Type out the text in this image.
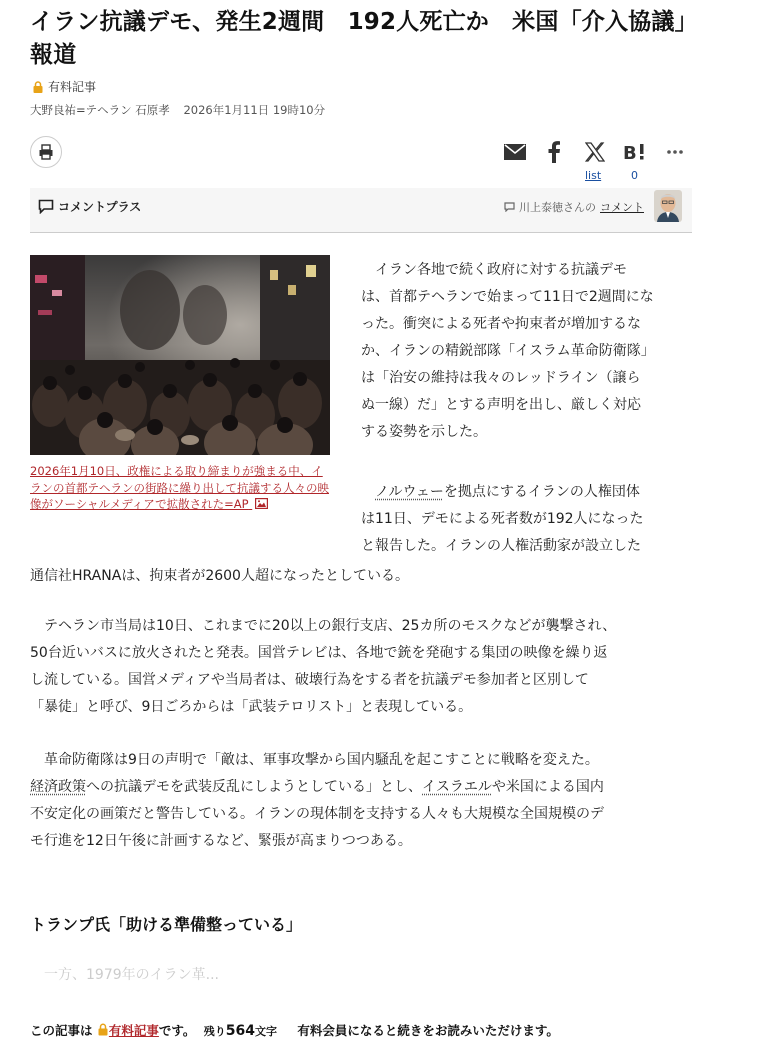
イラン抗議デモ、発生2週間　192人死亡か　米国「介入協議」報道
有料記事
大野良祐=テヘラン 石原孝 2026年1月11日 19時10分
B
list	0
コメントプラス	川上泰徳さんの コメント
2026年1月10日、政権による取り締まりが強まる中、イランの首都テヘランの街路に繰り出して抗議する人々の映像がソーシャルメディアで拡散された=AP
　イラン各地で続く政府に対する抗議デモ
は、首都テヘランで始まって11日で2週間にな
った。衝突による死者や拘束者が増加するな
か、イランの精鋭部隊「イスラム革命防衛隊」
は「治安の維持は我々のレッドライン（譲ら
ぬ一線）だ」とする声明を出し、厳しく対応
する姿勢を示した。
　ノルウェーを拠点にするイランの人権団体
は11日、デモによる死者数が192人になった
と報告した。イランの人権活動家が設立した
通信社HRANAは、拘束者が2600人超になったとしている。
　テヘラン市当局は10日、これまでに20以上の銀行支店、25カ所のモスクなどが襲撃され、
50台近いバスに放火されたと発表。国営テレビは、各地で銃を発砲する集団の映像を繰り返
し流している。国営メディアや当局者は、破壊行為をする者を抗議デモ参加者と区別して
「暴徒」と呼び、9日ごろからは「武装テロリスト」と表現している。
　革命防衛隊は9日の声明で「敵は、軍事攻撃から国内騒乱を起こすことに戦略を変えた。
経済政策への抗議デモを武装反乱にしようとしている」とし、イスラエルや米国による国内
不安定化の画策だと警告している。イランの現体制を支持する人々も大規模な全国規模のデ
モ行進を12日午後に計画するなど、緊張が高まりつつある。
トランプ氏「助ける準備整っている」
　一方、1979年のイラン革...
この記事は 有料記事です。 残り564文字 有料会員になると続きをお読みいただけます。
